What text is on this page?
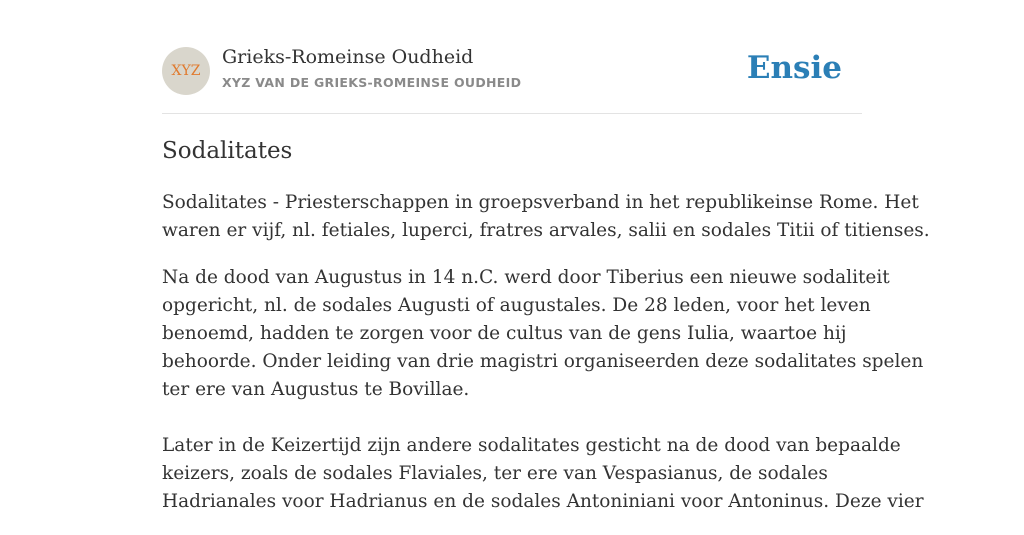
XYZ
Grieks-Romeinse Oudheid
XYZ VAN DE GRIEKS-ROMEINSE OUDHEID	Ensie
Sodalitates

Sodalitates - Priesterschappen in groepsverband in het republikeinse Rome. Het
waren er vijf, nl. fetiales, luperci, fratres arvales, salii en sodales Titii of titienses.

Na de dood van Augustus in 14 n.C. werd door Tiberius een nieuwe sodaliteit
opgericht, nl. de sodales Augusti of augustales. De 28 leden, voor het leven
benoemd, hadden te zorgen voor de cultus van de gens Iulia, waartoe hij
behoorde. Onder leiding van drie magistri organiseerden deze sodalitates spelen
ter ere van Augustus te Bovillae.
Later in de Keizertijd zijn andere sodalitates gesticht na de dood van bepaalde
keizers, zoals de sodales Flaviales, ter ere van Vespasianus, de sodales
Hadrianales voor Hadrianus en de sodales Antoniniani voor Antoninus. Deze vier
